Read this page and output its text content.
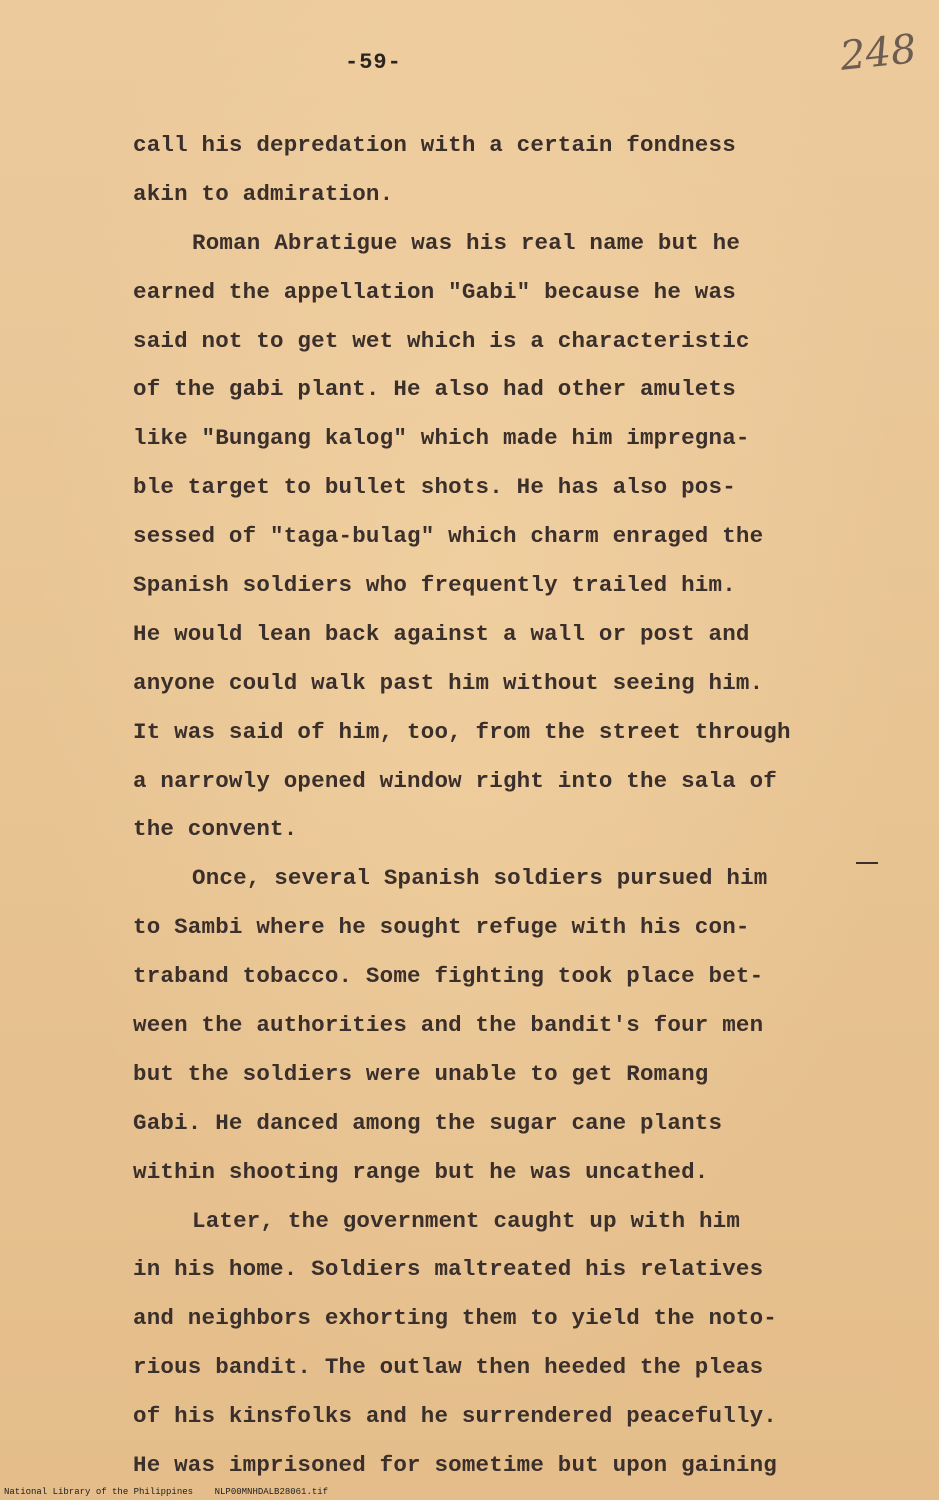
-59-	248
call his depredation with a certain fondness
akin to admiration.
Roman Abratigue was his real name but he
earned the appellation "Gabi" because he was
said not to get wet which is a characteristic
of the gabi plant. He also had other amulets
like "Bungang kalog" which made him impregna-
ble target to bullet shots. He has also pos-
sessed of "taga-bulag" which charm enraged the
Spanish soldiers who frequently trailed him.
He would lean back against a wall or post and
anyone could walk past him without seeing him.
It was said of him, too, from the street through
a narrowly opened window right into the sala of
the convent.
Once, several Spanish soldiers pursued him
to Sambi where he sought refuge with his con-
traband tobacco. Some fighting took place bet-
ween the authorities and the bandit's four men
but the soldiers were unable to get Romang
Gabi. He danced among the sugar cane plants
within shooting range but he was uncathed.
Later, the government caught up with him
in his home. Soldiers maltreated his relatives
and neighbors exhorting them to yield the noto-
rious bandit. The outlaw then heeded the pleas
of his kinsfolks and he surrendered peacefully.
He was imprisoned for sometime but upon gaining
National Library of the Philippines    NLP00MNHDALB28061.tif
